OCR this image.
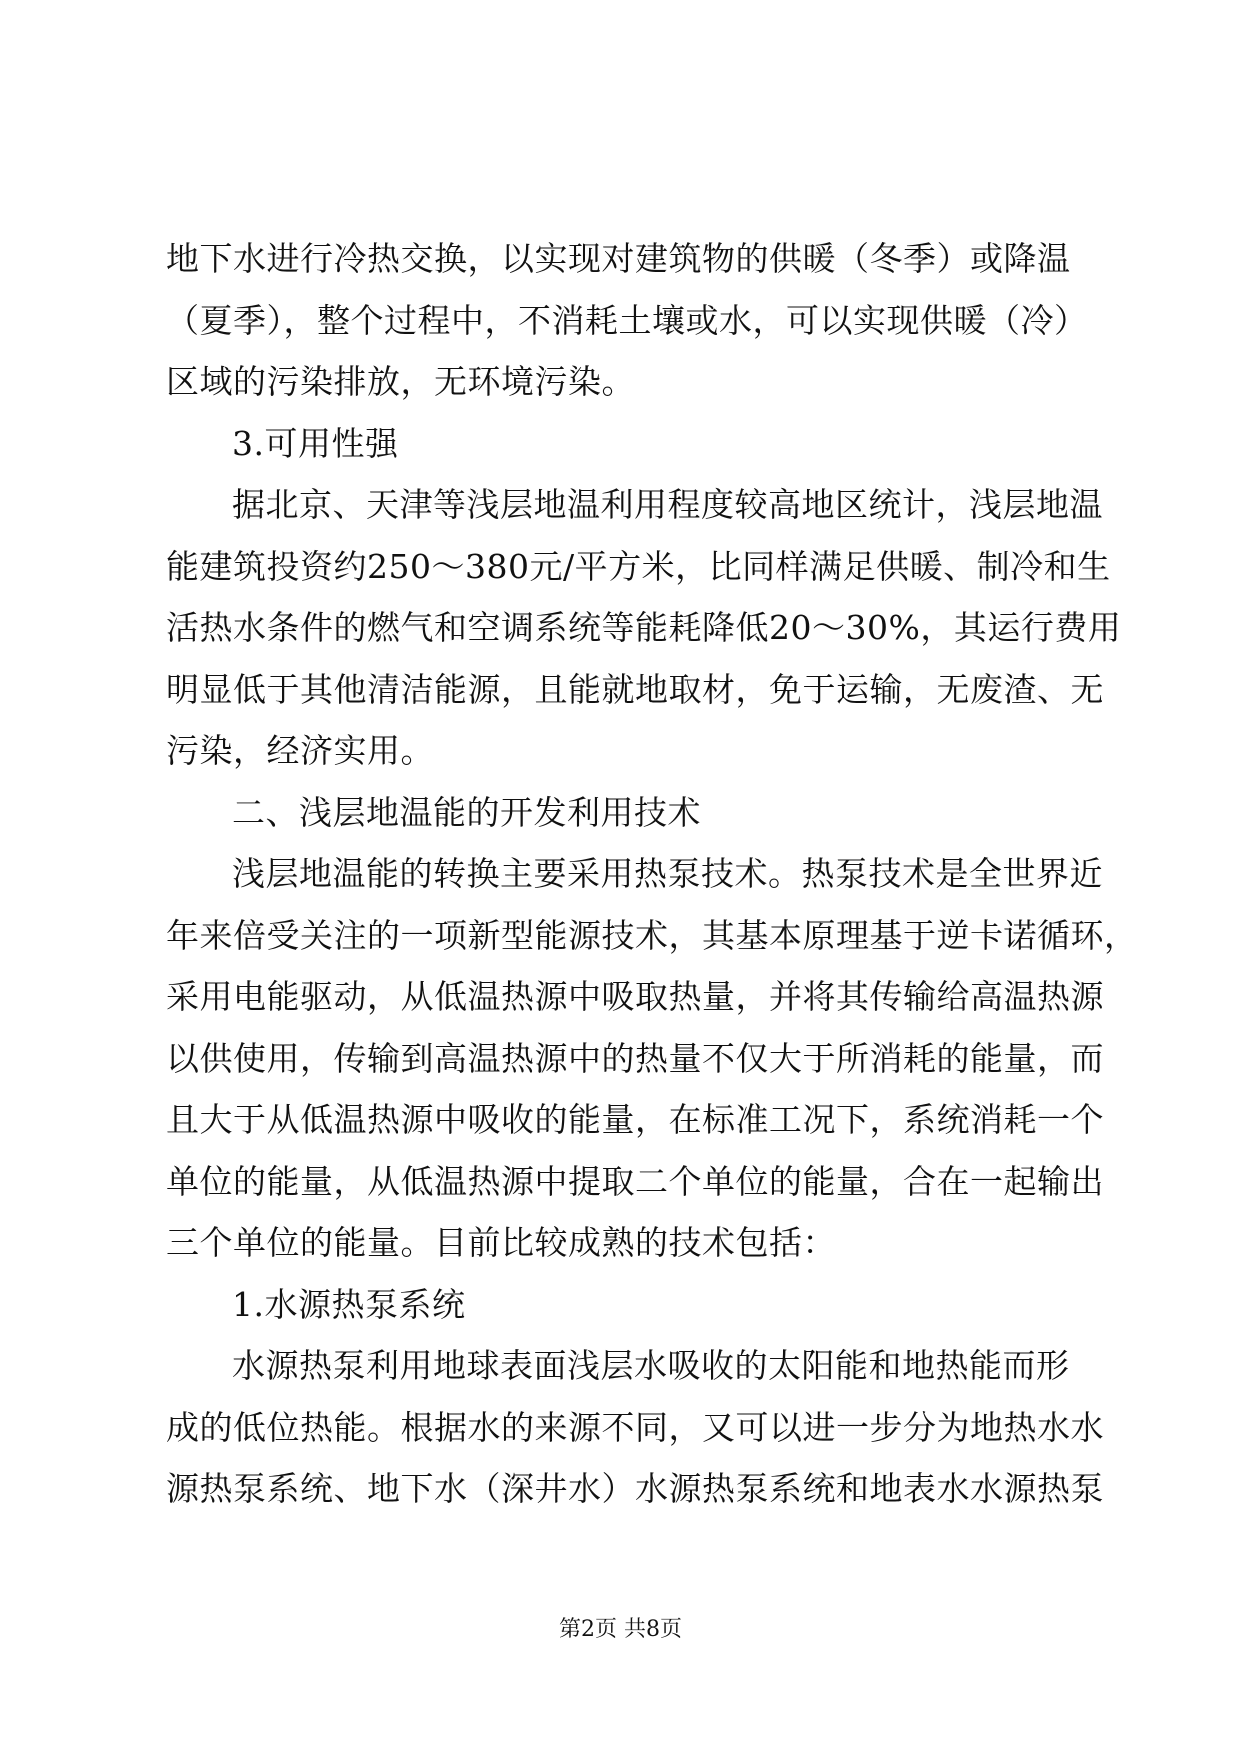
地下水进行冷热交换，以实现对建筑物的供暖（冬季）或降温
（夏季），整个过程中，不消耗土壤或水，可以实现供暖（冷）
区域的污染排放，无环境污染。
3.可用性强
据北京、天津等浅层地温利用程度较高地区统计，浅层地温
能建筑投资约250～380元/平方米，比同样满足供暖、制冷和生
活热水条件的燃气和空调系统等能耗降低20～30%，其运行费用
明显低于其他清洁能源，且能就地取材，免于运输，无废渣、无
污染，经济实用。
二、浅层地温能的开发利用技术
浅层地温能的转换主要采用热泵技术。热泵技术是全世界近
年来倍受关注的一项新型能源技术，其基本原理基于逆卡诺循环，
采用电能驱动，从低温热源中吸取热量，并将其传输给高温热源
以供使用，传输到高温热源中的热量不仅大于所消耗的能量，而
且大于从低温热源中吸收的能量，在标准工况下，系统消耗一个
单位的能量，从低温热源中提取二个单位的能量，合在一起输出
三个单位的能量。目前比较成熟的技术包括：
1.水源热泵系统
水源热泵利用地球表面浅层水吸收的太阳能和地热能而形
成的低位热能。根据水的来源不同，又可以进一步分为地热水水
源热泵系统、地下水（深井水）水源热泵系统和地表水水源热泵
第2页 共8页
